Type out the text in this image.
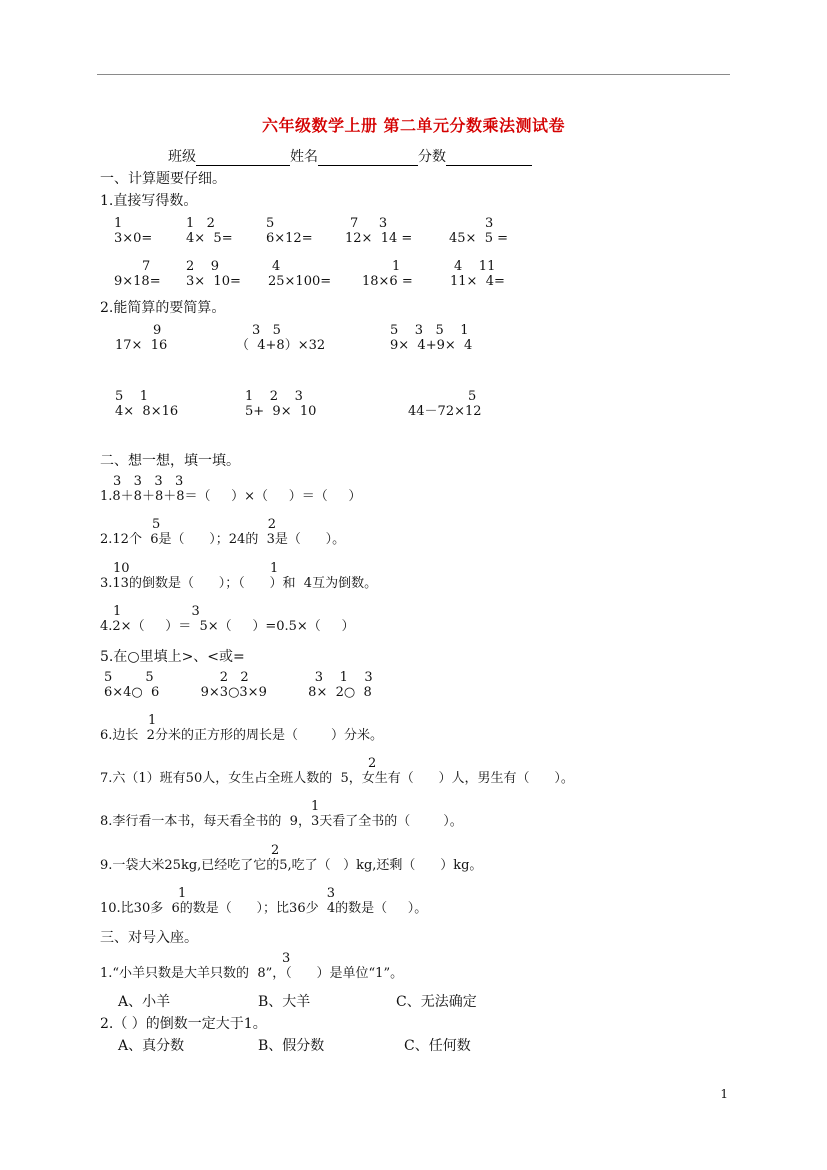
六年级数学上册 第二单元分数乘法测试卷
班级	姓名	分数
一、计算题要仔细。
1.直接写得数。
1
3×0=
1   2
4×  5=
5
6×12=
7     3
12×  14 =
3
45×  5 =
7
9×18=
2    9
3×  10=
4
25×100=
1
18×6 =
4    11
11×  4=
2.能简算的要简算。
9
17×  16
3   5
（  4+8）×32
5    3   5    1
9×  4+9×  4
5    1
4×  8×16
1    2    3
5+  9×  10
5
44－72×12
二、想一想，填一填。
3   3   3   3
1.8＋8＋8＋8＝（     ）×（     ）＝（     ）
5                          2
2.12个  6是（      ）；24的  3是（      ）。
10                                  1
3.13的倒数是（      ）；（      ）和  4互为倒数。
1                 3
4.2×（     ）＝  5×（     ）=0.5×（     ）
5.在○里填上>、<或=
5        5                2   2                3    1    3
6×4○  6          9×3○3×9          8×  2○  8
1
6.边长  2分米的正方形的周长是（        ）分米。
2
7.六（1）班有50人，女生占全班人数的  5，女生有（      ）人，男生有（      ）。
1
8.李行看一本书，每天看全书的  9，3天看了全书的（        ）。
2
9.一袋大米25kg,已经吃了它的5,吃了（   ）kg,还剩（      ）kg。
1                                  3
10.比30多  6的数是（      ）；比36少  4的数是（     ）。
三、对号入座。
3
1.“小羊只数是大羊只数的  8”，（      ）是单位“1”。
A、小羊	B、大羊	C、无法确定
2.（ ）的倒数一定大于1。
A、真分数	B、假分数	C、任何数
1
